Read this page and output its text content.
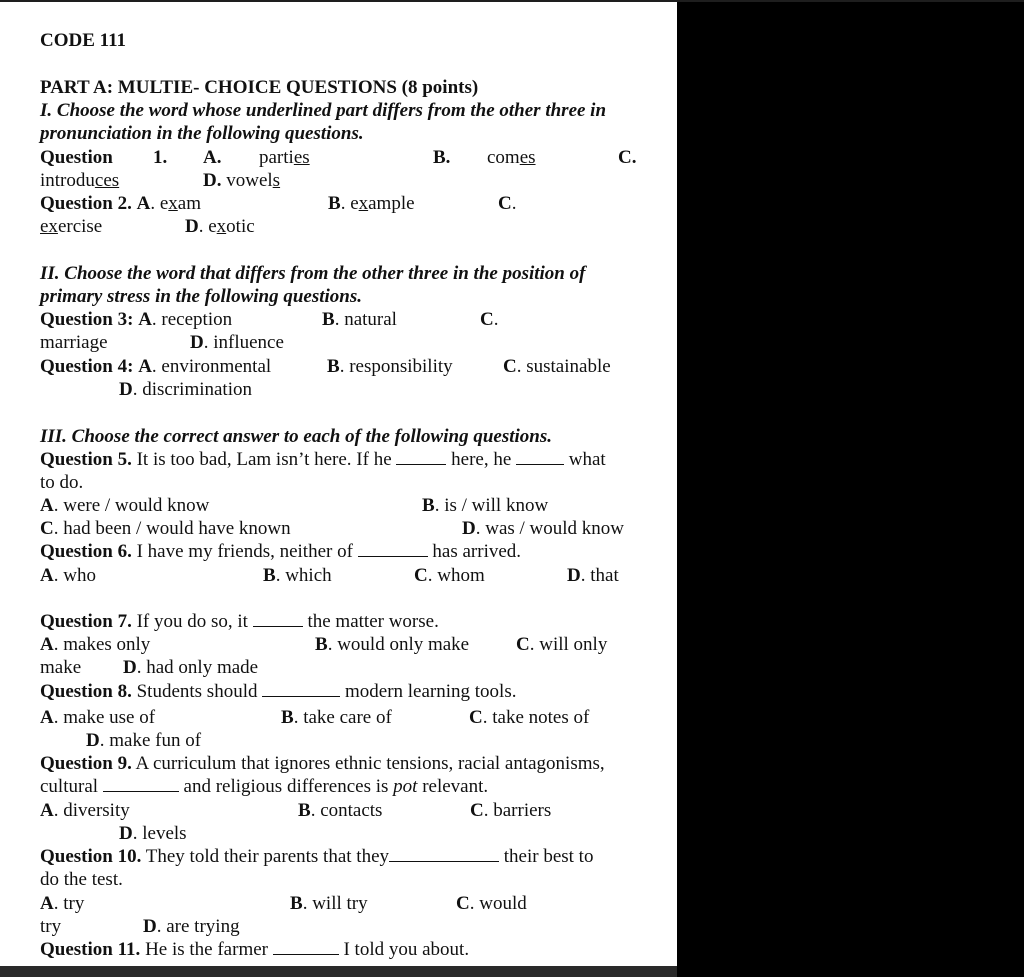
CODE 111
PART A: MULTIE- CHOICE QUESTIONS (8 points)
I. Choose the word whose underlined part differs from the other three in
pronunciation in the following questions.
Question 1. A. parties	B. comes	C.
introduces	D. vowels
Question 2. A. exam	B. example	C.
exercise	D. exotic
II. Choose the word that differs from the other three in the position of
primary stress in the following questions.
Question 3: A. reception	B. natural	C.
marriage	D. influence
Question 4: A. environmental	B. responsibility	C. sustainable
D. discrimination
III. Choose the correct answer to each of the following questions.
Question 5. It is too bad, Lam isn’t here. If he	here, he	what
to do.
A. were / would know	B. is / will know
C. had been / would have known	D. was / would know
Question 6. I have my friends, neither of	has arrived.
A. who	B. which	C. whom	D. that
Question 7. If you do so, it	the matter worse.
A. makes only	B. would only make C. will only
make D. had only made
Question 8. Students should	modern learning tools.
A. make use of	B. take care of	C. take notes of
D. make fun of
Question 9. A curriculum that ignores ethnic tensions, racial antagonisms,
cultural	and religious differences is pot relevant.
A. diversity	B. contacts	C. barriers
D. levels
Question 10. They told their parents that they	their best to
do the test.
A. try	B. will try	C. would
try	D. are trying
Question 11. He is the farmer	I told you about.
